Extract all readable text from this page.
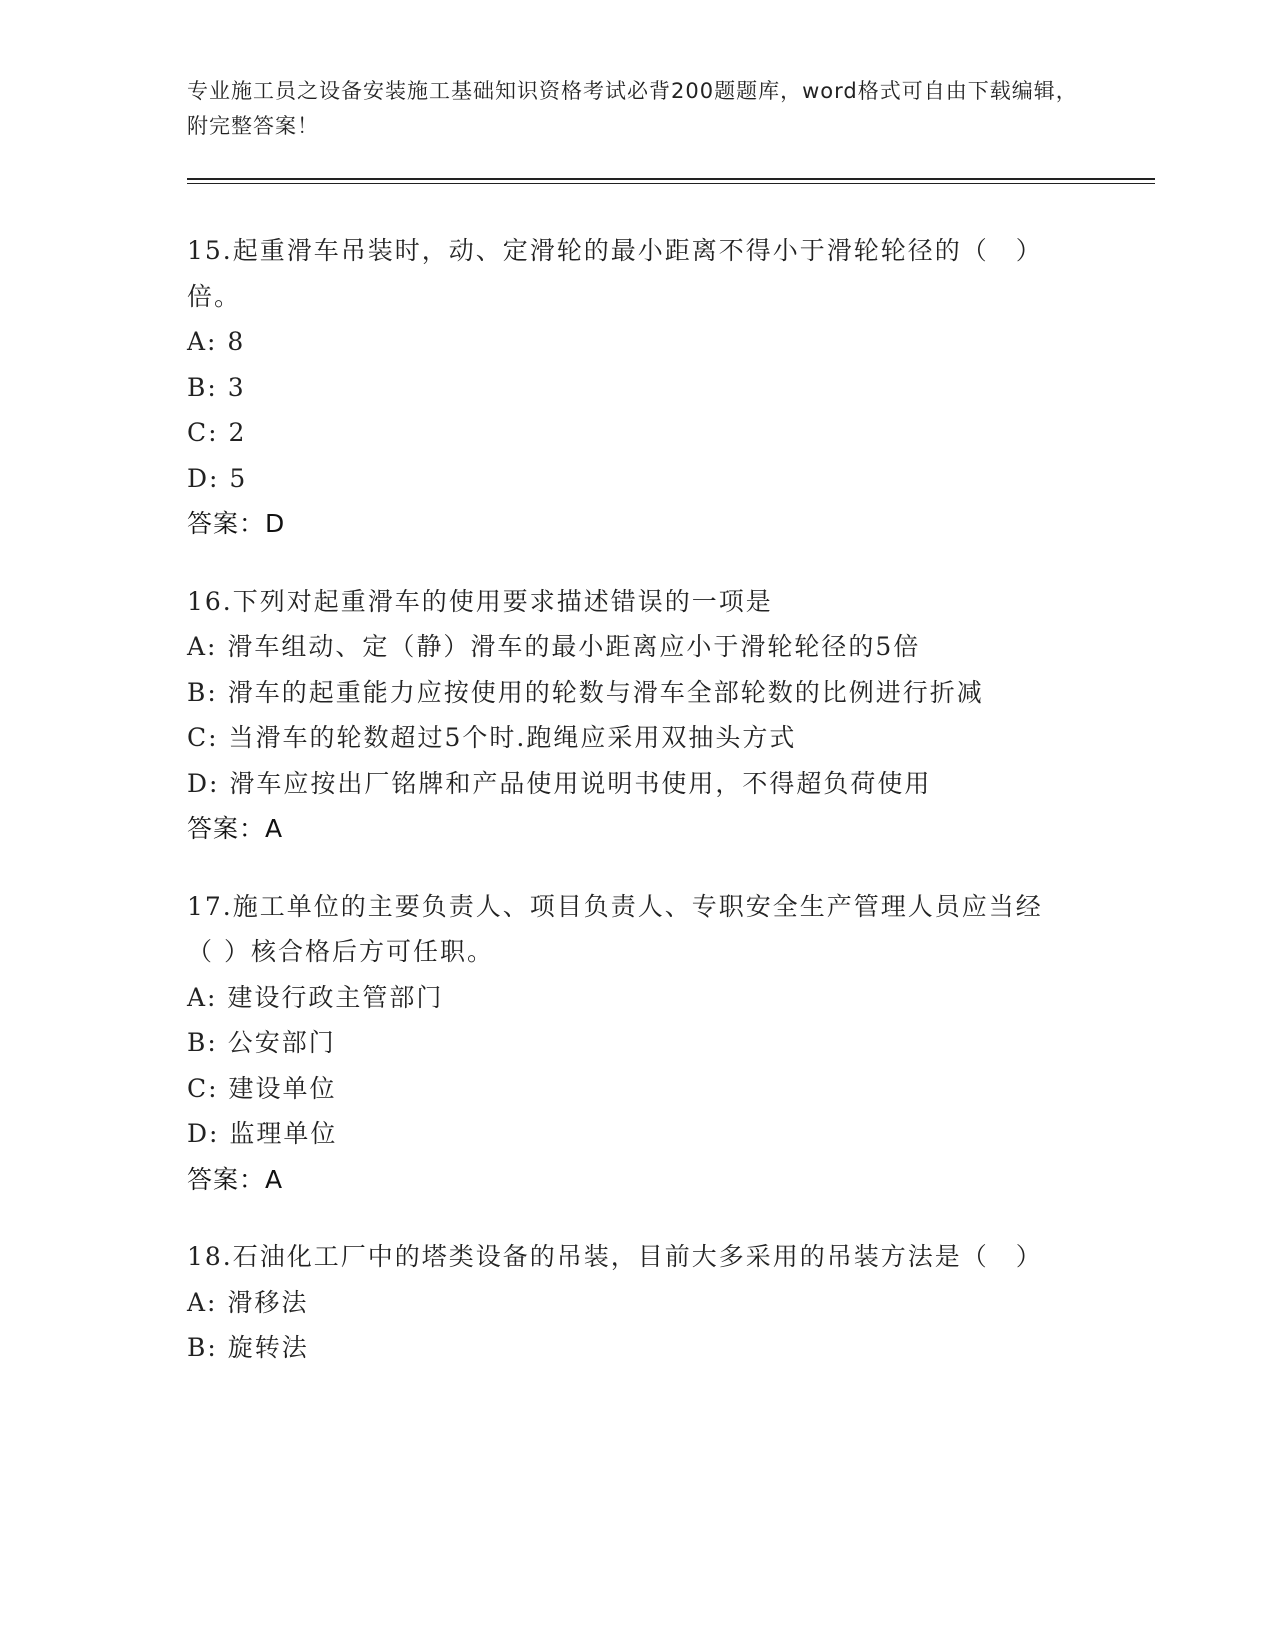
专业施工员之设备安装施工基础知识资格考试必背200题题库，word格式可自由下载编辑，附完整答案！
15.起重滑车吊装时，动、定滑轮的最小距离不得小于滑轮轮径的（　）倍。
A: 8
B: 3
C: 2
D: 5
答案：D
16.下列对起重滑车的使用要求描述错误的一项是
A: 滑车组动、定（静）滑车的最小距离应小于滑轮轮径的5倍
B: 滑车的起重能力应按使用的轮数与滑车全部轮数的比例进行折减
C: 当滑车的轮数超过5个时.跑绳应采用双抽头方式
D: 滑车应按出厂铭牌和产品使用说明书使用，不得超负荷使用
答案：A
17.施工单位的主要负责人、项目负责人、专职安全生产管理人员应当经（ ）核合格后方可任职。
A: 建设行政主管部门
B: 公安部门
C: 建设单位
D: 监理单位
答案：A
18.石油化工厂中的塔类设备的吊装，目前大多采用的吊装方法是（　）
A: 滑移法
B: 旋转法
